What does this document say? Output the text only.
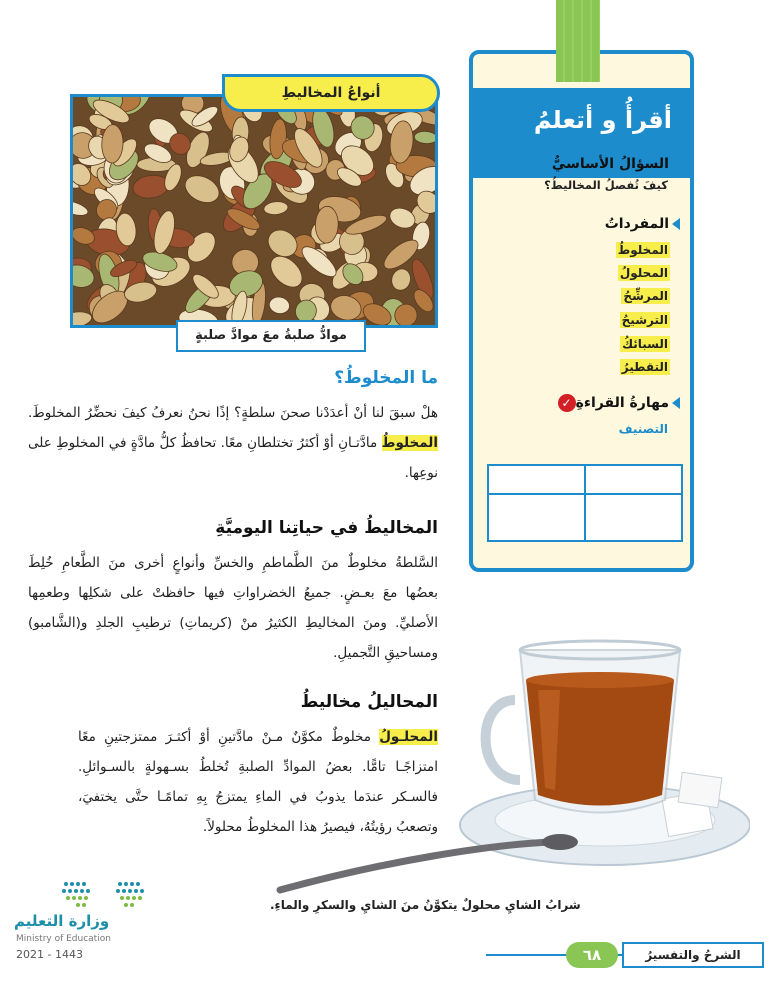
أقرأُ و أتعلمُ
السؤالُ الأساسيُّ
كيفَ تُفصلُ المخاليطُ؟
المفرداتُ
المخلوطُ
المحلولُ
المرشِّحُ
الترشيحُ
السبائكُ
التقطيرُ
مهارةُ القراءةِ✓
التصنيف
أنواعُ المخاليطِ
موادُّ صلبةُ معَ موادَّ صلبةٍ
ما المخلوطُ؟
هلْ سبقَ لنا أنْ أعدَدْنا صحنَ سلطةٍ؟ إذًا نحنُ نعرفُ كيفَ نحضِّرُ المخلوطَ. المخلوطُ مادَّتـانِ أوْ أكثرُ تختلطانِ معًا. تحافظُ كلُّ مادَّةٍ في المخلوطِ على نوعِها.
المخاليطُ في حياتِنا اليوميَّةِ
السَّلطةُ مخلوطٌ منَ الطَّماطمِ والخسِّ وأنواعٍ أخرى منَ الطَّعامِ خُلِطَ بعضُها معَ بعـضٍ. جميعُ الخضراواتِ فيها حافظتْ على شكلِها وطعمِها الأصليِّ. ومنَ المخاليطِ الكثيرُ منْ (كريماتِ) ترطيبِ الجلدِ و(الشَّامبو) ومساحيقِ التَّجميلِ.
المحاليلُ مخاليطُ
المحلـولُ مخلوطٌ مكوَّنٌ مـنْ مادَّتينِ أوْ أكثـرَ ممتزجتينِ معًا امتزاجًـا تامًّا. بعضُ الموادِّ الصلبةِ تُخلطُ بسـهولةٍ بالسـوائلِ. فالسـكر عندَما يذوبُ في الماءِ يمتزجُ بِهِ تمامًـا حتَّى يختفيَ، وتصعبُ رؤيتُهُ، فيصيرُ هذا المخلوطُ محلولاً.
شرابُ الشايِ محلولٌ يتكوَّنُ منَ الشايِ والسكرِ والماءِ.
٦٨	الشرحُ والتفسيرُ
وزارة التعليم
Ministry of Education
2021 - 1443
